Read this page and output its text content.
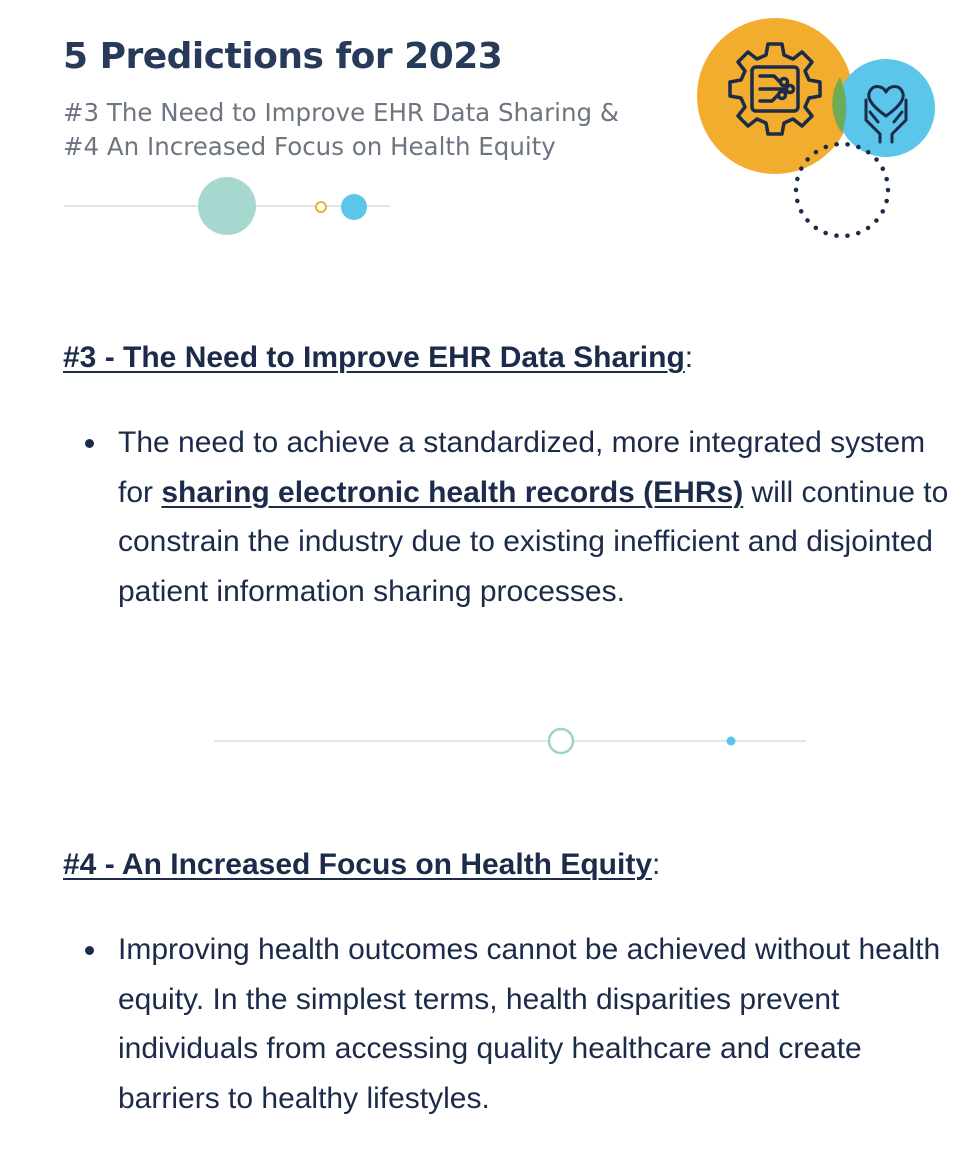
5 Predictions for 2023

#3 The Need to Improve EHR Data Sharing &
#4 An Increased Focus on Health Equity

#3 - The Need to Improve EHR Data Sharing:
The need to achieve a standardized, more integrated system for sharing electronic health records (EHRs) will continue to constrain the industry due to existing inefficient and disjointed patient information sharing processes.
#4 - An Increased Focus on Health Equity:
Improving health outcomes cannot be achieved without health equity. In the simplest terms, health disparities prevent individuals from accessing quality healthcare and create barriers to healthy lifestyles.
